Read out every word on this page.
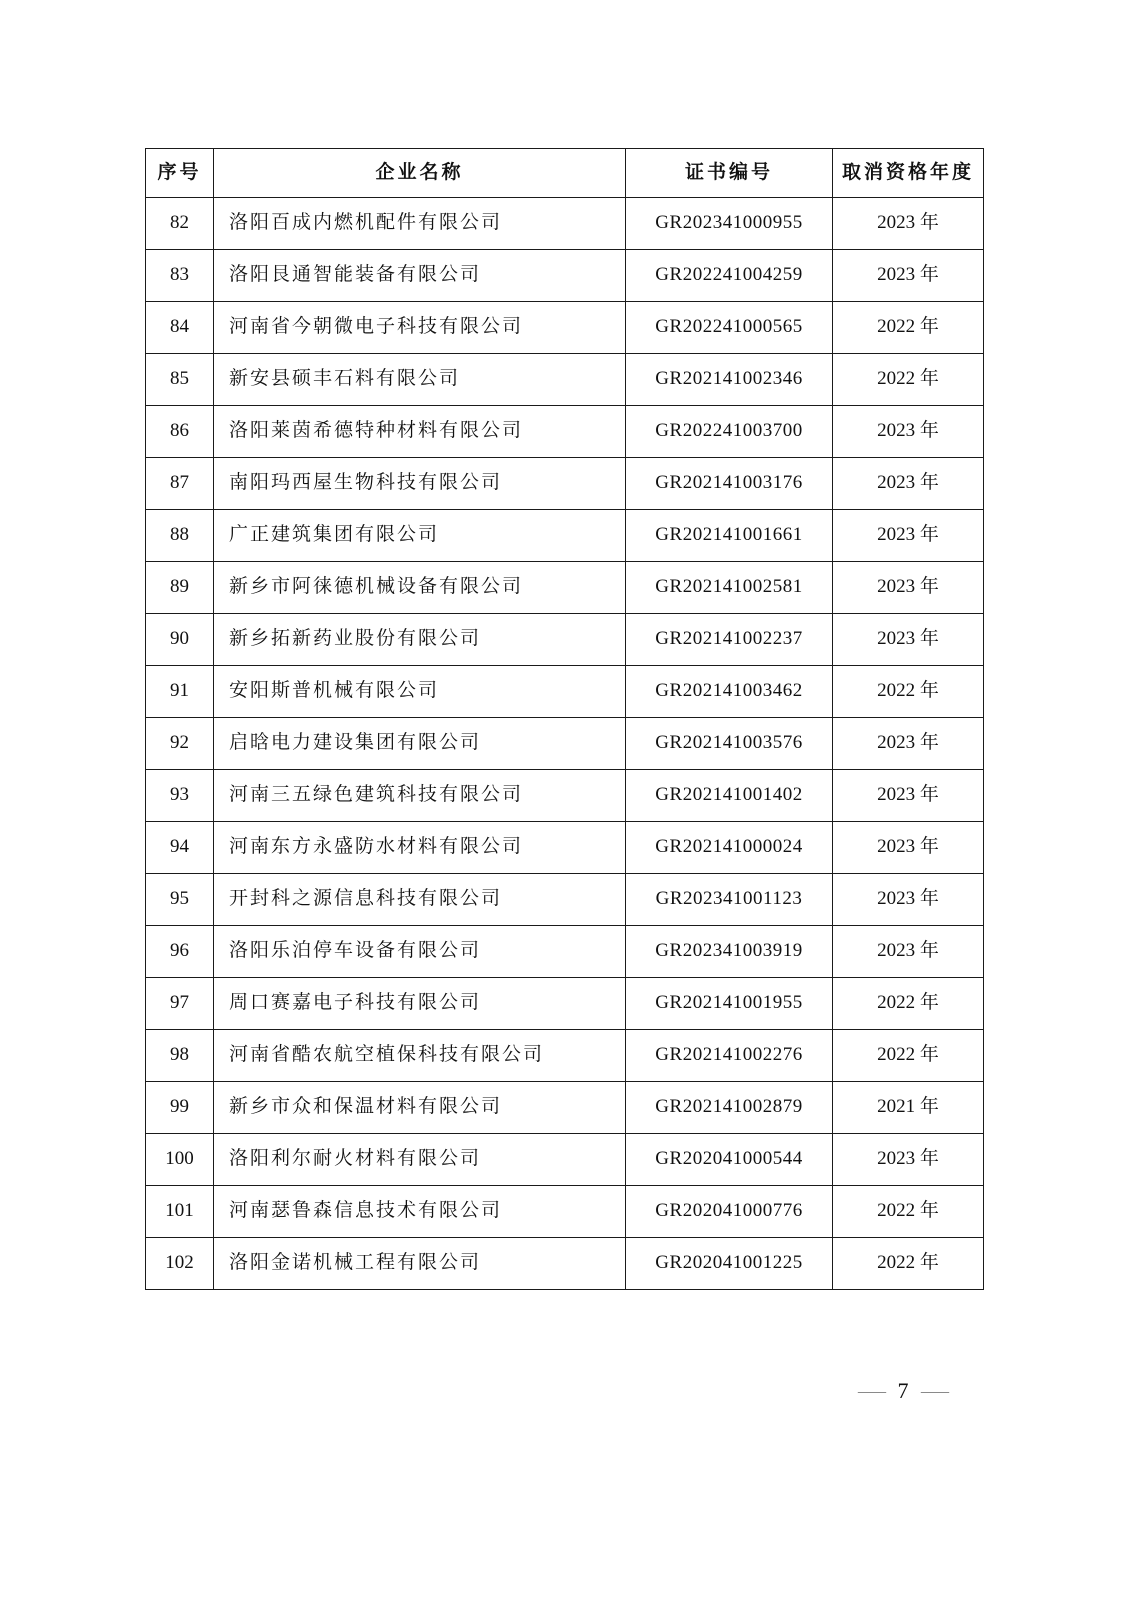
序号	企业名称	证书编号	取消资格年度
82	洛阳百成内燃机配件有限公司	GR202341000955	2023 年
83	洛阳艮通智能装备有限公司	GR202241004259	2023 年
84	河南省今朝微电子科技有限公司	GR202241000565	2022 年
85	新安县硕丰石料有限公司	GR202141002346	2022 年
86	洛阳莱茵希德特种材料有限公司	GR202241003700	2023 年
87	南阳玛西屋生物科技有限公司	GR202141003176	2023 年
88	广正建筑集团有限公司	GR202141001661	2023 年
89	新乡市阿徕德机械设备有限公司	GR202141002581	2023 年
90	新乡拓新药业股份有限公司	GR202141002237	2023 年
91	安阳斯普机械有限公司	GR202141003462	2022 年
92	启晗电力建设集团有限公司	GR202141003576	2023 年
93	河南三五绿色建筑科技有限公司	GR202141001402	2023 年
94	河南东方永盛防水材料有限公司	GR202141000024	2023 年
95	开封科之源信息科技有限公司	GR202341001123	2023 年
96	洛阳乐泊停车设备有限公司	GR202341003919	2023 年
97	周口赛嘉电子科技有限公司	GR202141001955	2022 年
98	河南省酷农航空植保科技有限公司	GR202141002276	2022 年
99	新乡市众和保温材料有限公司	GR202141002879	2021 年
100	洛阳利尔耐火材料有限公司	GR202041000544	2023 年
101	河南瑟鲁森信息技术有限公司	GR202041000776	2022 年
102	洛阳金诺机械工程有限公司	GR202041001225	2022 年
— 7 —
